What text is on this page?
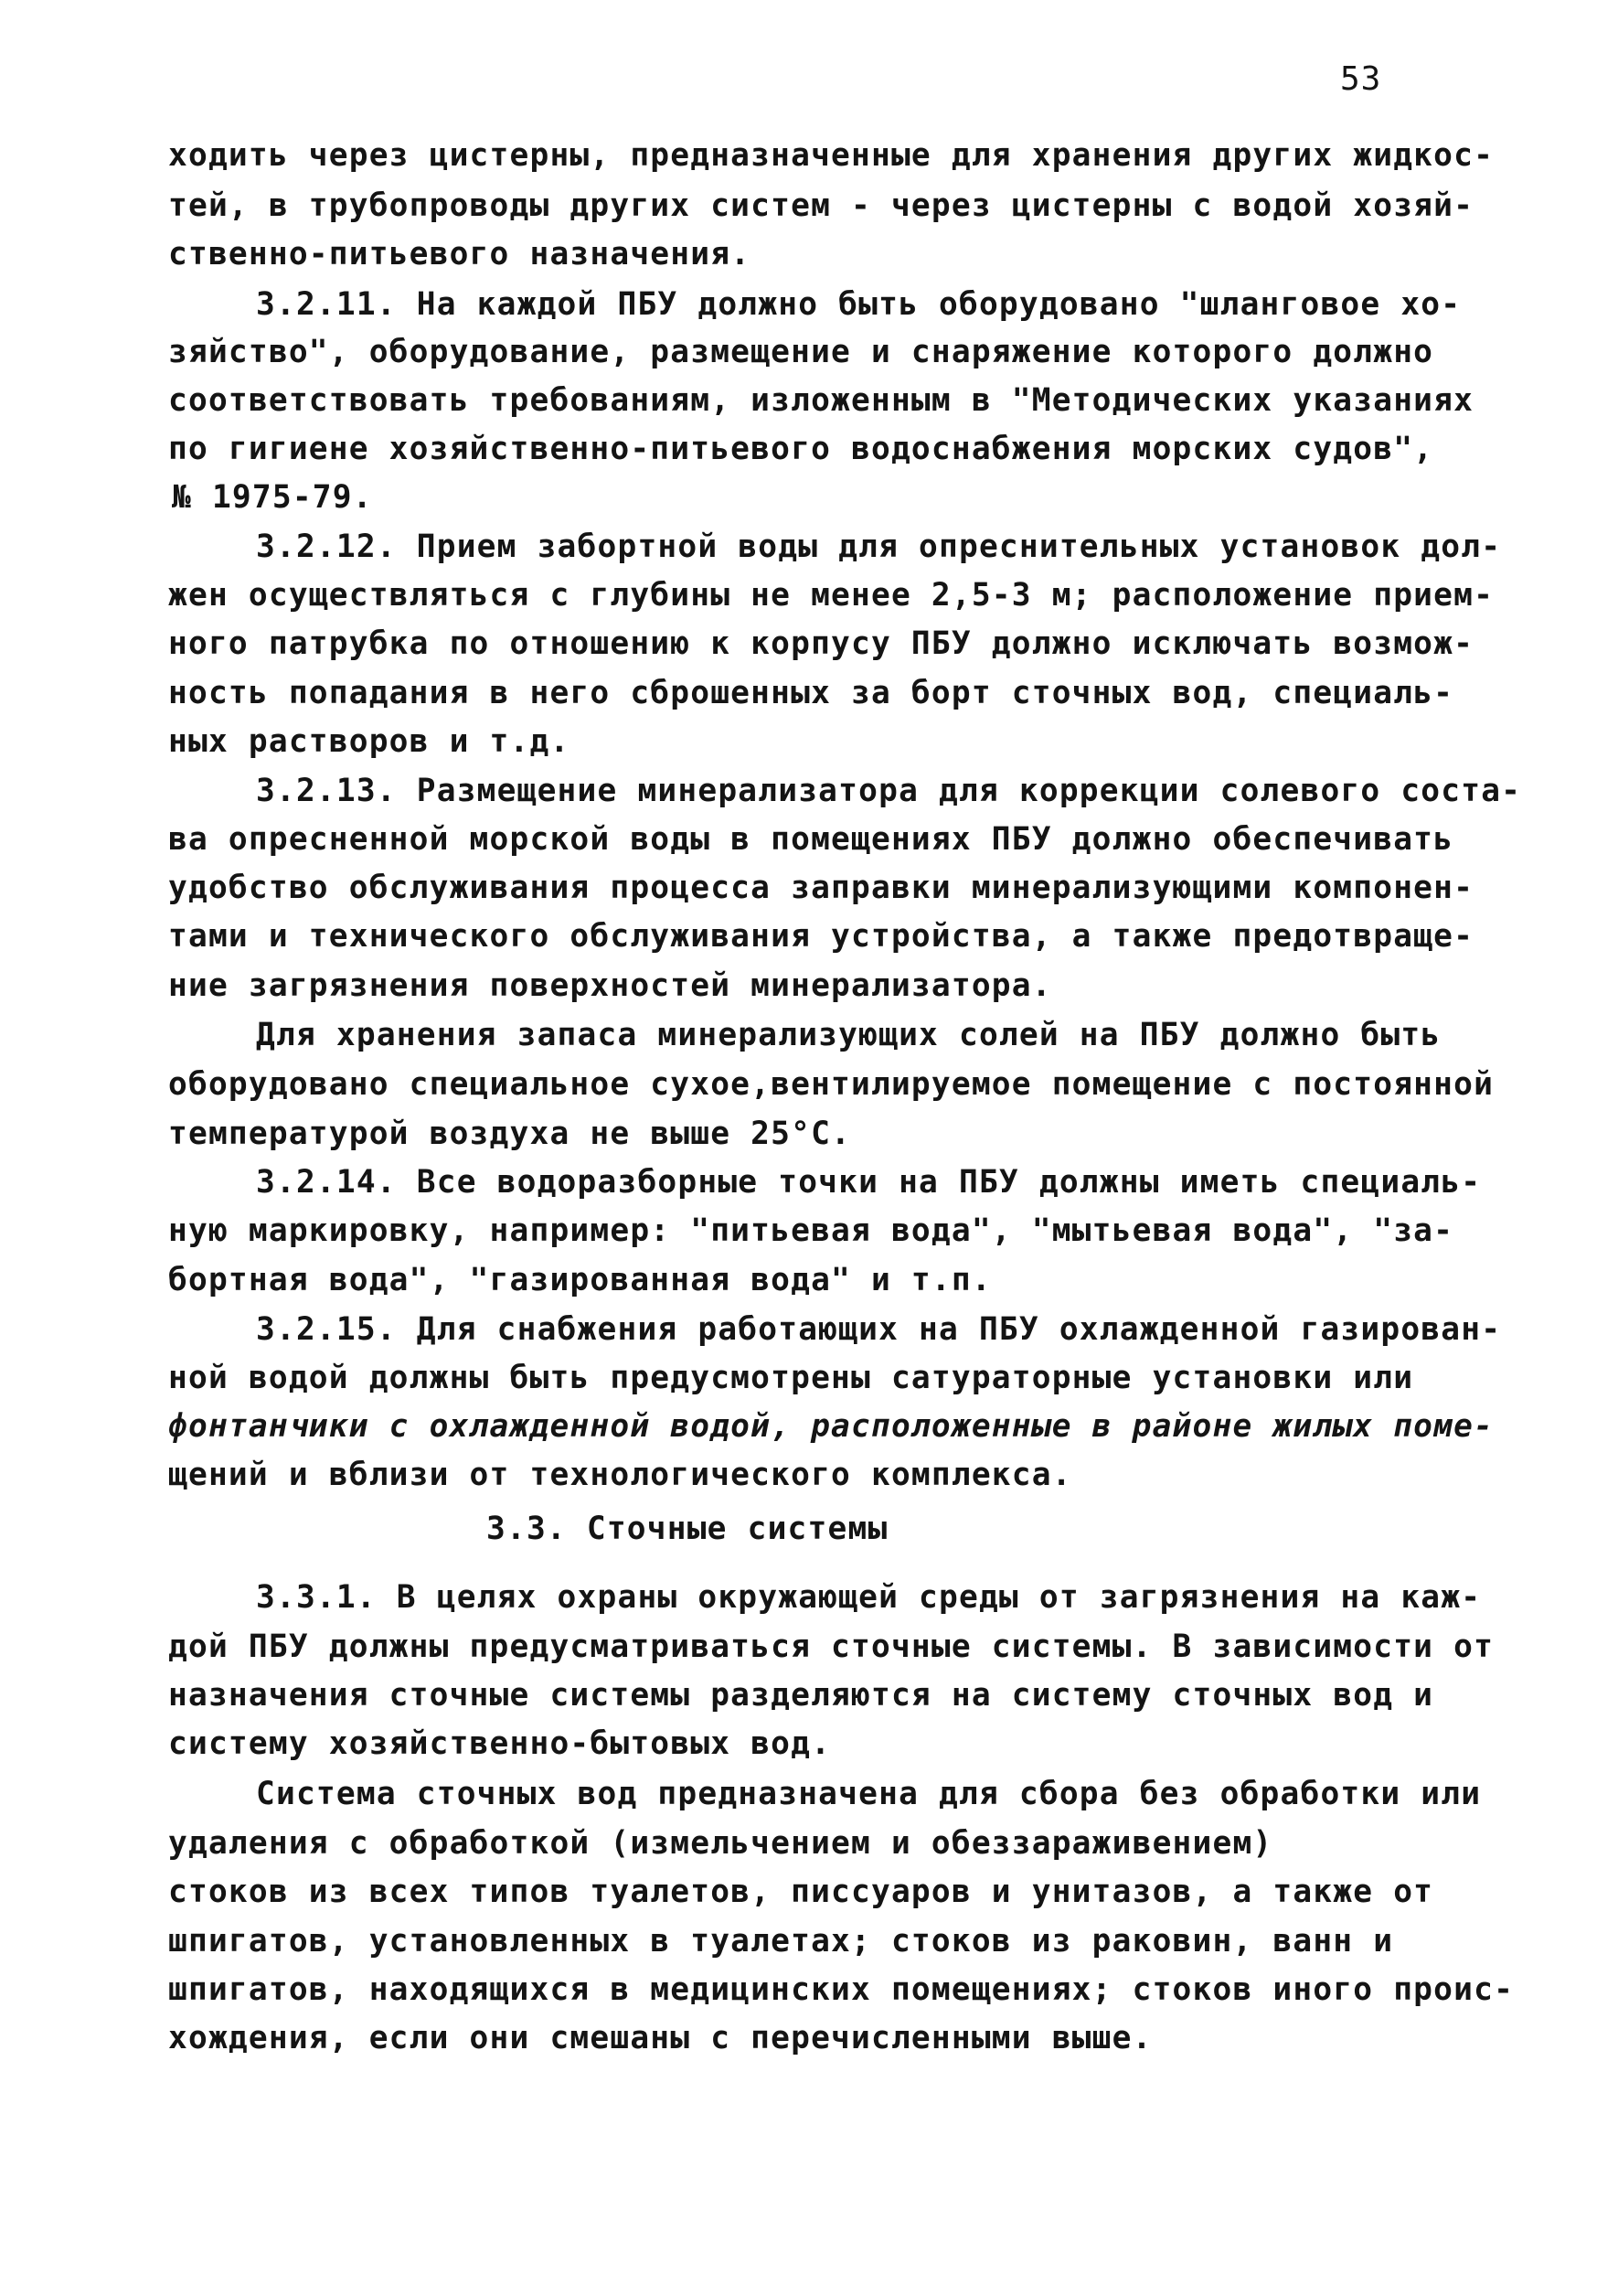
53
ходить через цистерны, предназначенные для хранения других жидкос-
тей, в трубопроводы других систем - через цистерны с водой хозяй-
ственно-питьевого назначения.
3.2.11. На каждой ПБУ должно быть оборудовано "шланговое хо-
зяйство", оборудование, размещение и снаряжение которого должно
соответствовать требованиям, изложенным в "Методических указаниях
по гигиене хозяйственно-питьевого водоснабжения морских судов",
№ 1975-79.
3.2.12. Прием забортной воды для опреснительных установок дол-
жен осуществляться с глубины не менее 2,5-3 м; расположение прием-
ного патрубка по отношению к корпусу ПБУ должно исключать возмож-
ность попадания в него сброшенных за борт сточных вод, специаль-
ных растворов и т.д.
3.2.13. Размещение минерализатора для коррекции солевого соста-
ва опресненной морской воды в помещениях ПБУ должно обеспечивать
удобство обслуживания процесса заправки минерализующими компонен-
тами и технического обслуживания устройства, а также предотвраще-
ние загрязнения поверхностей минерализатора.
Для хранения запаса минерализующих солей на ПБУ должно быть
оборудовано специальное сухое,вентилируемое помещение с постоянной
температурой воздуха не выше 25°С.
3.2.14. Все водоразборные точки на ПБУ должны иметь специаль-
ную маркировку, например: "питьевая вода", "мытьевая вода", "за-
бортная вода", "газированная вода" и т.п.
3.2.15. Для снабжения работающих на ПБУ охлажденной газирован-
ной водой должны быть предусмотрены сатураторные установки или
фонтанчики с охлажденной водой, расположенные в районе жилых поме-
щений и вблизи от технологического комплекса.
3.3.1. В целях охраны окружающей среды от загрязнения на каж-
дой ПБУ должны предусматриваться сточные системы. В зависимости от
назначения сточные системы разделяются на систему сточных вод и
систему хозяйственно-бытовых вод.
Система сточных вод предназначена для сбора без обработки или
удаления с обработкой (измельчением и обеззараживением)
стоков из всех типов туалетов, писсуаров и унитазов, а также от
шпигатов, установленных в туалетах; стоков из раковин, ванн и
шпигатов, находящихся в медицинских помещениях; стоков иного проис-
хождения, если они смешаны с перечисленными выше.
3.3. Сточные системы
